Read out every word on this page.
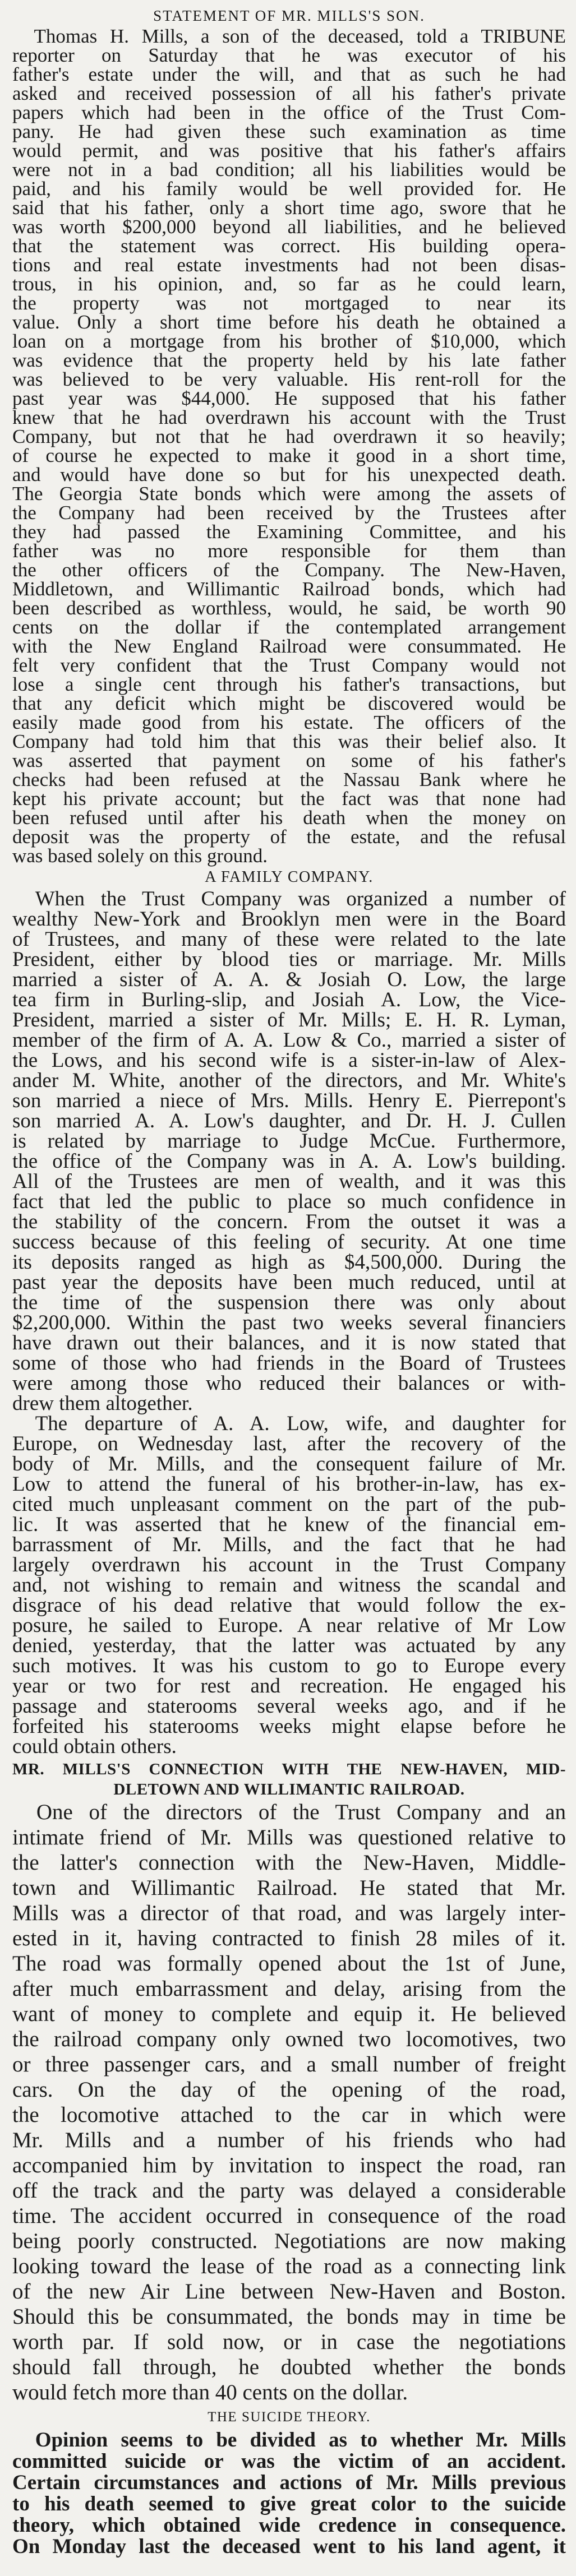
STATEMENT OF MR. MILLS'S SON.
Thomas H. Mills, a son of the deceased, told a TRIBUNE
reporter on Saturday that he was executor of his
father's estate under the will, and that as such he had
asked and received possession of all his father's private
papers which had been in the office of the Trust Com-
pany. He had given these such examination as time
would permit, and was positive that his father's affairs
were not in a bad condition; all his liabilities would be
paid, and his family would be well provided for. He
said that his father, only a short time ago, swore that he
was worth $200,000 beyond all liabilities, and he believed
that the statement was correct. His building opera-
tions and real estate investments had not been disas-
trous, in his opinion, and, so far as he could learn,
the property was not mortgaged to near its
value. Only a short time before his death he obtained a
loan on a mortgage from his brother of $10,000, which
was evidence that the property held by his late father
was believed to be very valuable. His rent-roll for the
past year was $44,000. He supposed that his father
knew that he had overdrawn his account with the Trust
Company, but not that he had overdrawn it so heavily;
of course he expected to make it good in a short time,
and would have done so but for his unexpected death.
The Georgia State bonds which were among the assets of
the Company had been received by the Trustees after
they had passed the Examining Committee, and his
father was no more responsible for them than
the other officers of the Company. The New-Haven,
Middletown, and Willimantic Railroad bonds, which had
been described as worthless, would, he said, be worth 90
cents on the dollar if the contemplated arrangement
with the New England Railroad were consummated. He
felt very confident that the Trust Company would not
lose a single cent through his father's transactions, but
that any deficit which might be discovered would be
easily made good from his estate. The officers of the
Company had told him that this was their belief also. It
was asserted that payment on some of his father's
checks had been refused at the Nassau Bank where he
kept his private account; but the fact was that none had
been refused until after his death when the money on
deposit was the property of the estate, and the refusal
was based solely on this ground.
A FAMILY COMPANY.
When the Trust Company was organized a number of
wealthy New-York and Brooklyn men were in the Board
of Trustees, and many of these were related to the late
President, either by blood ties or marriage. Mr. Mills
married a sister of A. A. & Josiah O. Low, the large
tea firm in Burling-slip, and Josiah A. Low, the Vice-
President, married a sister of Mr. Mills; E. H. R. Lyman,
member of the firm of A. A. Low & Co., married a sister of
the Lows, and his second wife is a sister-in-law of Alex-
ander M. White, another of the directors, and Mr. White's
son married a niece of Mrs. Mills. Henry E. Pierrepont's
son married A. A. Low's daughter, and Dr. H. J. Cullen
is related by marriage to Judge McCue. Furthermore,
the office of the Company was in A. A. Low's building.
All of the Trustees are men of wealth, and it was this
fact that led the public to place so much confidence in
the stability of the concern. From the outset it was a
success because of this feeling of security. At one time
its deposits ranged as high as $4,500,000. During the
past year the deposits have been much reduced, until at
the time of the suspension there was only about
$2,200,000. Within the past two weeks several financiers
have drawn out their balances, and it is now stated that
some of those who had friends in the Board of Trustees
were among those who reduced their balances or with-
drew them altogether.
The departure of A. A. Low, wife, and daughter for
Europe, on Wednesday last, after the recovery of the
body of Mr. Mills, and the consequent failure of Mr.
Low to attend the funeral of his brother-in-law, has ex-
cited much unpleasant comment on the part of the pub-
lic. It was asserted that he knew of the financial em-
barrassment of Mr. Mills, and the fact that he had
largely overdrawn his account in the Trust Company
and, not wishing to remain and witness the scandal and
disgrace of his dead relative that would follow the ex-
posure, he sailed to Europe. A near relative of Mr Low
denied, yesterday, that the latter was actuated by any
such motives. It was his custom to go to Europe every
year or two for rest and recreation. He engaged his
passage and staterooms several weeks ago, and if he
forfeited his staterooms weeks might elapse before he
could obtain others.
MR. MILLS'S CONNECTION WITH THE NEW-HAVEN, MID-
DLETOWN AND WILLIMANTIC RAILROAD.
One of the directors of the Trust Company and an
intimate friend of Mr. Mills was questioned relative to
the latter's connection with the New-Haven, Middle-
town and Willimantic Railroad. He stated that Mr.
Mills was a director of that road, and was largely inter-
ested in it, having contracted to finish 28 miles of it.
The road was formally opened about the 1st of June,
after much embarrassment and delay, arising from the
want of money to complete and equip it. He believed
the railroad company only owned two locomotives, two
or three passenger cars, and a small number of freight
cars. On the day of the opening of the road,
the locomotive attached to the car in which were
Mr. Mills and a number of his friends who had
accompanied him by invitation to inspect the road, ran
off the track and the party was delayed a considerable
time. The accident occurred in consequence of the road
being poorly constructed. Negotiations are now making
looking toward the lease of the road as a connecting link
of the new Air Line between New-Haven and Boston.
Should this be consummated, the bonds may in time be
worth par. If sold now, or in case the negotiations
should fall through, he doubted whether the bonds
would fetch more than 40 cents on the dollar.
THE SUICIDE THEORY.
Opinion seems to be divided as to whether Mr. Mills
committed suicide or was the victim of an accident.
Certain circumstances and actions of Mr. Mills previous
to his death seemed to give great color to the suicide
theory, which obtained wide credence in consequence.
On Monday last the deceased went to his land agent, it
